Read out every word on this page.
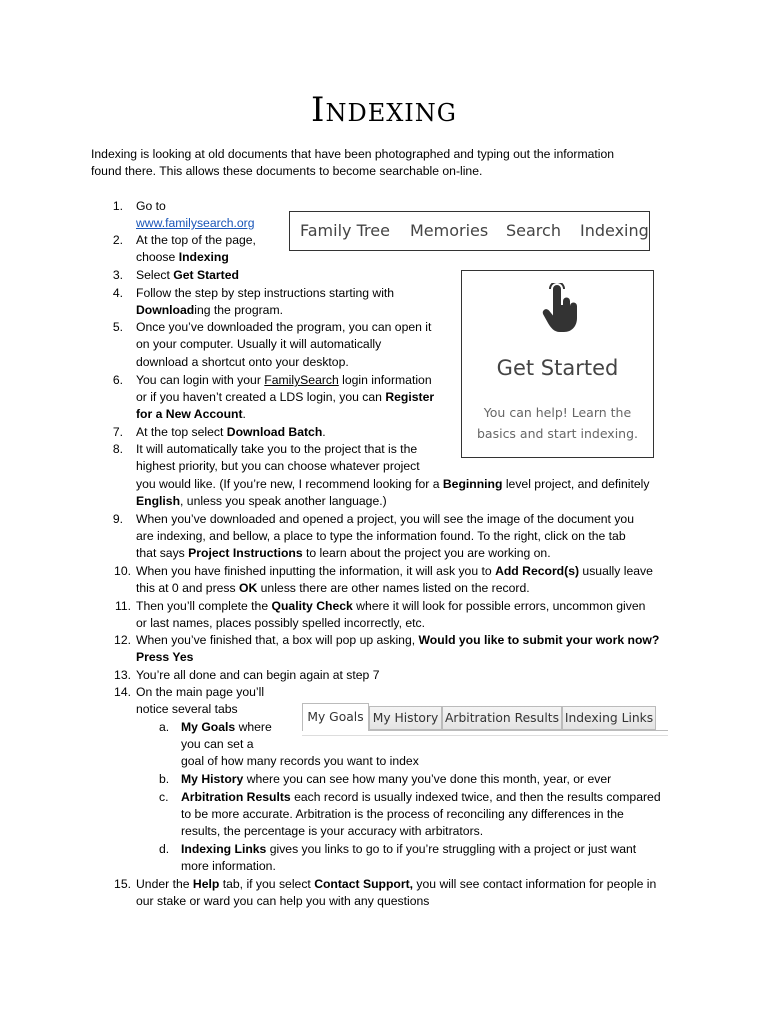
Indexing
Indexing is looking at old documents that have been photographed and typing out the information
found there. This allows these documents to become searchable on-line.
1. Go to
www.familysearch.org
2. At the top of the page,
choose Indexing
3. Select Get Started
4. Follow the step by step instructions starting with
Downloading the program.
5. Once you’ve downloaded the program, you can open it
on your computer. Usually it will automatically
download a shortcut onto your desktop.
6. You can login with your FamilySearch login information
or if you haven’t created a LDS login, you can Register
for a New Account.
7. At the top select Download Batch.
8. It will automatically take you to the project that is the
highest priority, but you can choose whatever project
you would like. (If you’re new, I recommend looking for a Beginning level project, and definitely
English, unless you speak another language.)
9. When you’ve downloaded and opened a project, you will see the image of the document you
are indexing, and bellow, a place to type the information found. To the right, click on the tab
that says Project Instructions to learn about the project you are working on.
10. When you have finished inputting the information, it will ask you to Add Record(s) usually leave
this at 0 and press OK unless there are other names listed on the record.
11. Then you’ll complete the Quality Check where it will look for possible errors, uncommon given
or last names, places possibly spelled incorrectly, etc.
12. When you’ve finished that, a box will pop up asking, Would you like to submit your work now?
Press Yes
13. You’re all done and can begin again at step 7
14. On the main page you’ll
notice several tabs
a. My Goals where
you can set a
goal of how many records you want to index
b. My History where you can see how many you’ve done this month, year, or ever
c. Arbitration Results each record is usually indexed twice, and then the results compared
to be more accurate. Arbitration is the process of reconciling any differences in the
results, the percentage is your accuracy with arbitrators.
d. Indexing Links gives you links to go to if you’re struggling with a project or just want
more information.
15. Under the Help tab, if you select Contact Support, you will see contact information for people in
our stake or ward you can help you with any questions
Family Tree Memories Search Indexing
Get Started
You can help! Learn the
basics and start indexing.
My Goals My History Arbitration Results Indexing Links
